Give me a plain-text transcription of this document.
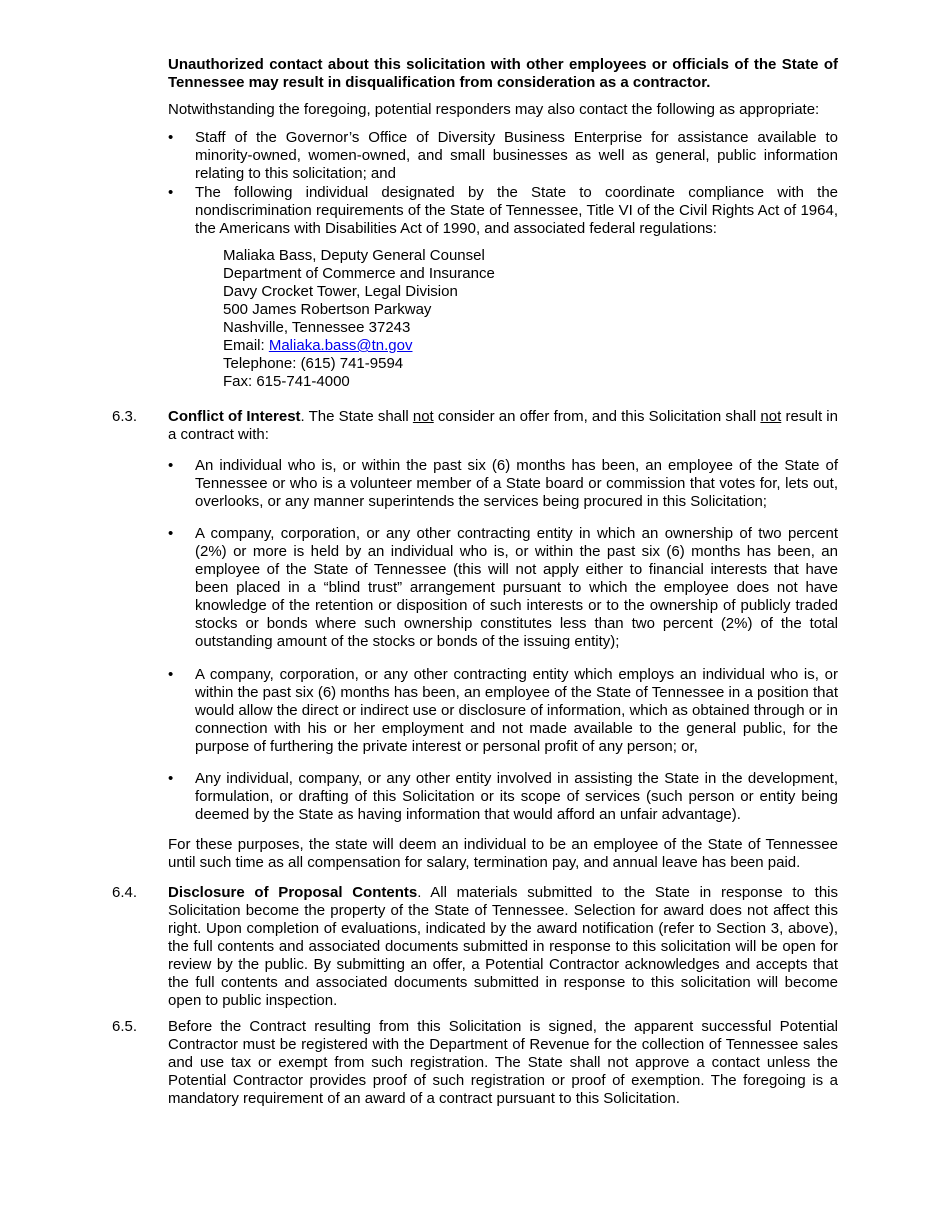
Unauthorized contact about this solicitation with other employees or officials of the State of Tennessee may result in disqualification from consideration as a contractor.

Notwithstanding the foregoing, potential responders may also contact the following as appropriate:

•	Staff of the Governor’s Office of Diversity Business Enterprise for assistance available to minority-owned, women-owned, and small businesses as well as general, public information relating to this solicitation; and
•	The following individual designated by the State to coordinate compliance with the nondiscrimination requirements of the State of Tennessee, Title VI of the Civil Rights Act of 1964, the Americans with Disabilities Act of 1990, and associated federal regulations:
Maliaka Bass, Deputy General Counsel
Department of Commerce and Insurance
Davy Crocket Tower, Legal Division
500 James Robertson Parkway
Nashville, Tennessee 37243
Email: Maliaka.bass@tn.gov
Telephone: (615) 741-9594
Fax: 615-741-4000
6.3.	Conflict of Interest. The State shall not consider an offer from, and this Solicitation shall not result in a contract with:

•	An individual who is, or within the past six (6) months has been, an employee of the State of Tennessee or who is a volunteer member of a State board or commission that votes for, lets out, overlooks, or any manner superintends the services being procured in this Solicitation;
•	A company, corporation, or any other contracting entity in which an ownership of two percent (2%) or more is held by an individual who is, or within the past six (6) months has been, an employee of the State of Tennessee (this will not apply either to financial interests that have been placed in a “blind trust” arrangement pursuant to which the employee does not have knowledge of the retention or disposition of such interests or to the ownership of publicly traded stocks or bonds where such ownership constitutes less than two percent (2%) of the total outstanding amount of the stocks or bonds of the issuing entity);
•	A company, corporation, or any other contracting entity which employs an individual who is, or within the past six (6) months has been, an employee of the State of Tennessee in a position that would allow the direct or indirect use or disclosure of information, which as obtained through or in connection with his or her employment and not made available to the general public, for the purpose of furthering the private interest or personal profit of any person; or,
•	Any individual, company, or any other entity involved in assisting the State in the development, formulation, or drafting of this Solicitation or its scope of services (such person or entity being deemed by the State as having information that would afford an unfair advantage).

For these purposes, the state will deem an individual to be an employee of the State of Tennessee until such time as all compensation for salary, termination pay, and annual leave has been paid.

6.4.	Disclosure of Proposal Contents. All materials submitted to the State in response to this Solicitation become the property of the State of Tennessee. Selection for award does not affect this right. Upon completion of evaluations, indicated by the award notification (refer to Section 3, above), the full contents and associated documents submitted in response to this solicitation will be open for review by the public. By submitting an offer, a Potential Contractor acknowledges and accepts that the full contents and associated documents submitted in response to this solicitation will become open to public inspection.

6.5.	Before the Contract resulting from this Solicitation is signed, the apparent successful Potential Contractor must be registered with the Department of Revenue for the collection of Tennessee sales and use tax or exempt from such registration. The State shall not approve a contact unless the Potential Contractor provides proof of such registration or proof of exemption. The foregoing is a mandatory requirement of an award of a contract pursuant to this Solicitation.
